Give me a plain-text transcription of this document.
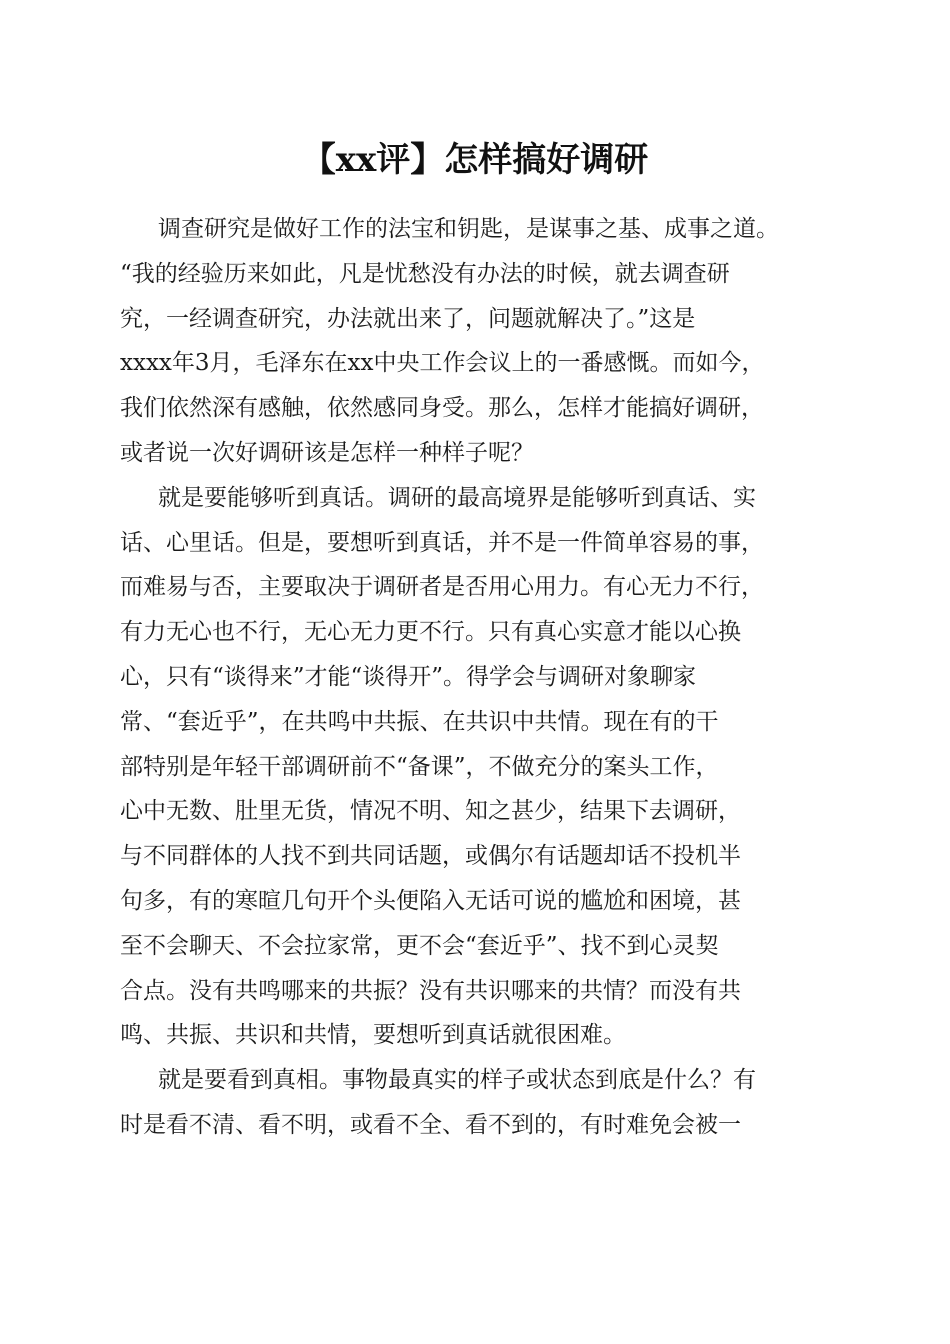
【xx评】怎样搞好调研

调查研究是做好工作的法宝和钥匙，是谋事之基、成事之道。
“我的经验历来如此，凡是忧愁没有办法的时候，就去调查研
究，一经调查研究，办法就出来了，问题就解决了。”这是
xxxx年3月，毛泽东在xx中央工作会议上的一番感慨。而如今，
我们依然深有感触，依然感同身受。那么，怎样才能搞好调研，
或者说一次好调研该是怎样一种样子呢？

就是要能够听到真话。调研的最高境界是能够听到真话、实
话、心里话。但是，要想听到真话，并不是一件简单容易的事，
而难易与否，主要取决于调研者是否用心用力。有心无力不行，
有力无心也不行，无心无力更不行。只有真心实意才能以心换
心，只有“谈得来”才能“谈得开”。得学会与调研对象聊家
常、“套近乎”，在共鸣中共振、在共识中共情。现在有的干
部特别是年轻干部调研前不“备课”，不做充分的案头工作，
心中无数、肚里无货，情况不明、知之甚少，结果下去调研，
与不同群体的人找不到共同话题，或偶尔有话题却话不投机半
句多，有的寒暄几句开个头便陷入无话可说的尴尬和困境，甚
至不会聊天、不会拉家常，更不会“套近乎”、找不到心灵契
合点。没有共鸣哪来的共振？没有共识哪来的共情？而没有共
鸣、共振、共识和共情，要想听到真话就很困难。

就是要看到真相。事物最真实的样子或状态到底是什么？有
时是看不清、看不明，或看不全、看不到的，有时难免会被一
